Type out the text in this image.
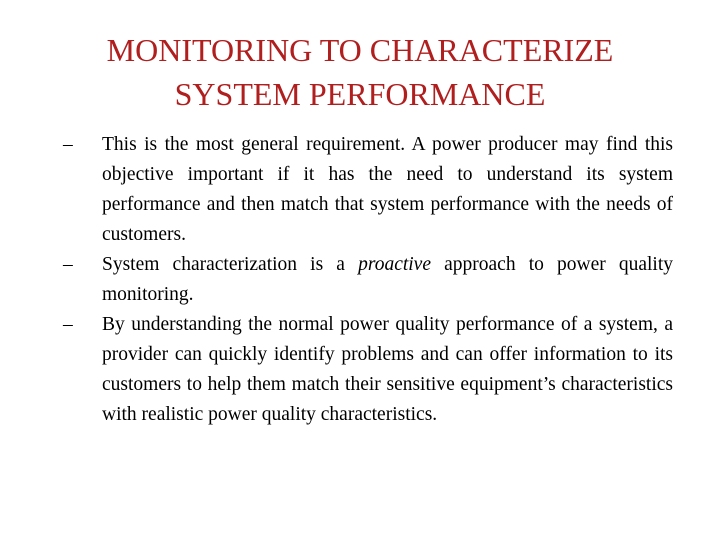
MONITORING TO CHARACTERIZE
SYSTEM PERFORMANCE
–	This is the most general requirement. A power producer may find this objective important if it has the need to understand its system performance and then match that system performance with the needs of customers.
–	System characterization is a proactive approach to power quality monitoring.
–	By understanding the normal power quality performance of a system, a provider can quickly identify problems and can offer information to its customers to help them match their sensitive equipment’s characteristics with realistic power quality characteristics.
